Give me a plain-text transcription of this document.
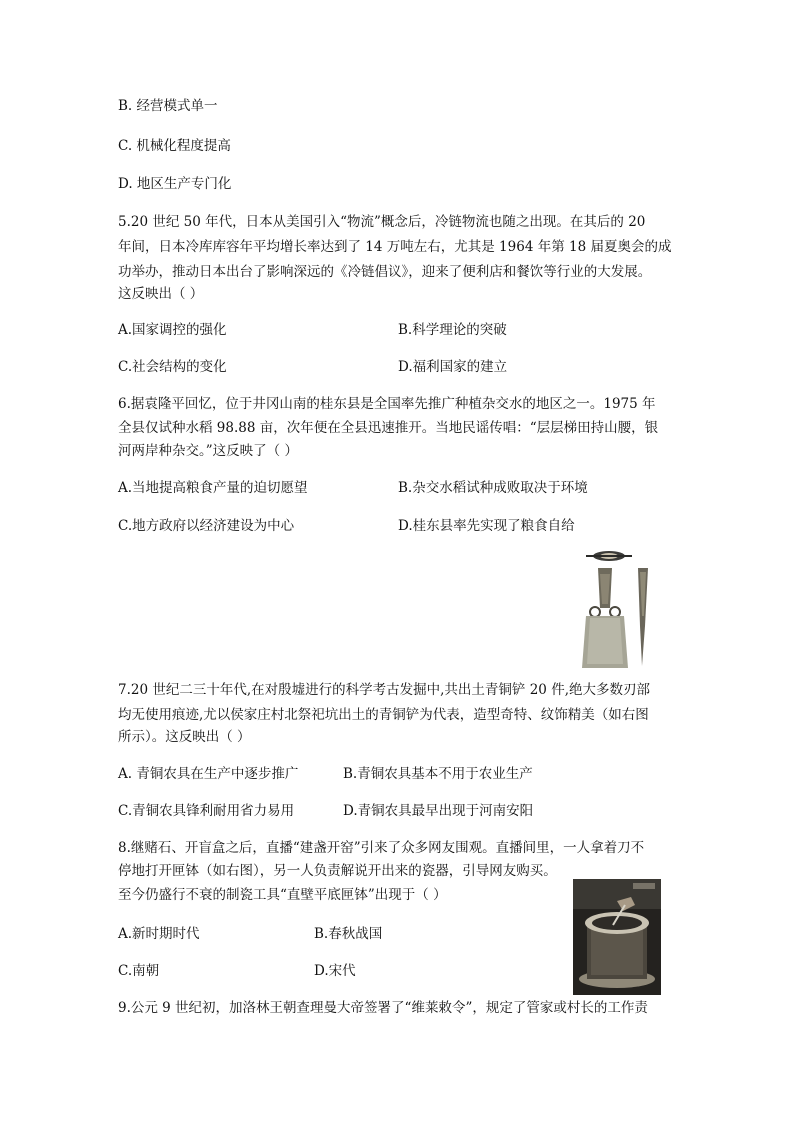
B. 经营模式单一
C. 机械化程度提高
D. 地区生产专门化
5.20 世纪 50 年代，日本从美国引入“物流”概念后，冷链物流也随之出现。在其后的 20
年间，日本冷库库容年平均增长率达到了 14 万吨左右，尤其是 1964 年第 18 届夏奥会的成
功举办，推动日本出台了影响深远的《冷链倡议》，迎来了便利店和餐饮等行业的大发展。
这反映出（ ）
A.国家调控的强化	B.科学理论的突破
C.社会结构的变化	D.福利国家的建立
6.据袁隆平回忆，位于井冈山南的桂东县是全国率先推广种植杂交水的地区之一。1975 年
全县仅试种水稻 98.88 亩，次年便在全县迅速推开。当地民谣传唱：“层层梯田持山腰，银
河两岸种杂交。”这反映了（ ）
A.当地提高粮食产量的迫切愿望	B.杂交水稻试种成败取决于环境
C.地方政府以经济建设为中心	D.桂东县率先实现了粮食自给
7.20 世纪二三十年代,在对殷墟进行的科学考古发掘中,共出土青铜铲 20 件,绝大多数刃部
均无使用痕迹,尤以侯家庄村北祭祀坑出土的青铜铲为代表，造型奇特、纹饰精美（如右图
所示）。这反映出（ ）
A. 青铜农具在生产中逐步推广	B.青铜农具基本不用于农业生产
C.青铜农具锋利耐用省力易用	D.青铜农具最早出现于河南安阳
8.继赌石、开盲盒之后，直播“建盏开窑”引来了众多网友围观。直播间里，一人拿着刀不
停地打开匣钵（如右图），另一人负责解说开出来的瓷器，引导网友购买。
至今仍盛行不衰的制瓷工具“直壁平底匣钵”出现于（ ）
A.新时期时代	B.春秋战国
C.南朝	D.宋代
9.公元 9 世纪初，加洛林王朝查理曼大帝签署了“维莱敕令”，规定了管家或村长的工作责
